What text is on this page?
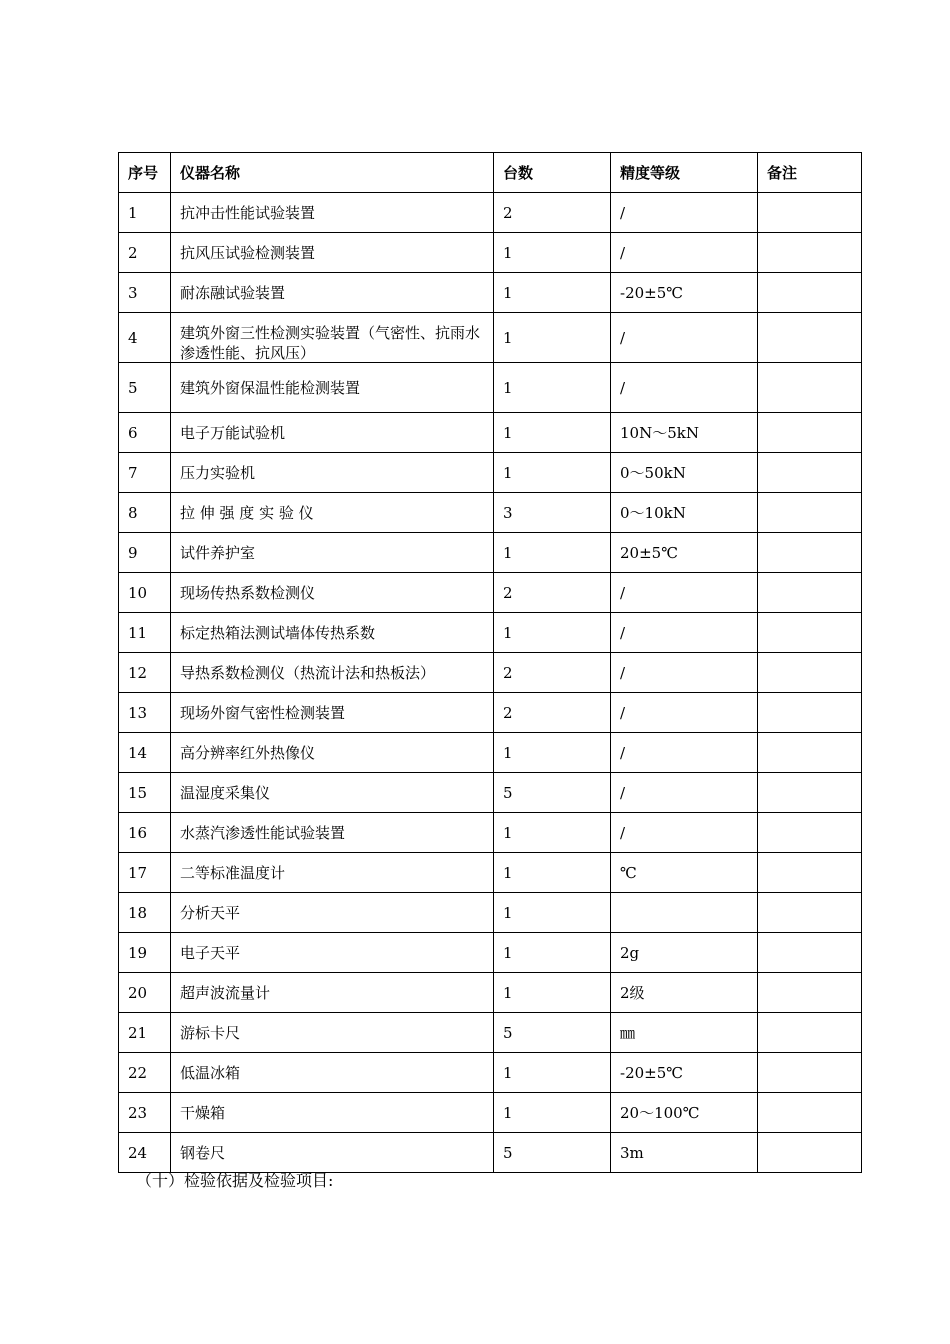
序号	仪器名称	台数	精度等级	备注
1	抗冲击性能试验装置	2	/	
2	抗风压试验检测装置	1	/	
3	耐冻融试验装置	1	-20±5℃	
4	建筑外窗三性检测实验装置（气密性、抗雨水渗透性能、抗风压）	1	/	
5	建筑外窗保温性能检测装置	1	/	
6	电子万能试验机	1	10N～5kN	
7	压力实验机	1	0～50kN	
8	拉 伸 强 度 实 验 仪	3	0～10kN	
9	试件养护室	1	20±5℃	
10	现场传热系数检测仪	2	/	
11	标定热箱法测试墙体传热系数	1	/	
12	导热系数检测仪（热流计法和热板法）	2	/	
13	现场外窗气密性检测装置	2	/	
14	高分辨率红外热像仪	1	/	
15	温湿度采集仪	5	/	
16	水蒸汽渗透性能试验装置	1	/	
17	二等标准温度计	1	℃	
18	分析天平	1		
19	电子天平	1	2g	
20	超声波流量计	1	2级	
21	游标卡尺	5	㎜	
22	低温冰箱	1	-20±5℃	
23	干燥箱	1	20～100℃	
24	钢卷尺	5	3m	
（十）检验依据及检验项目:
